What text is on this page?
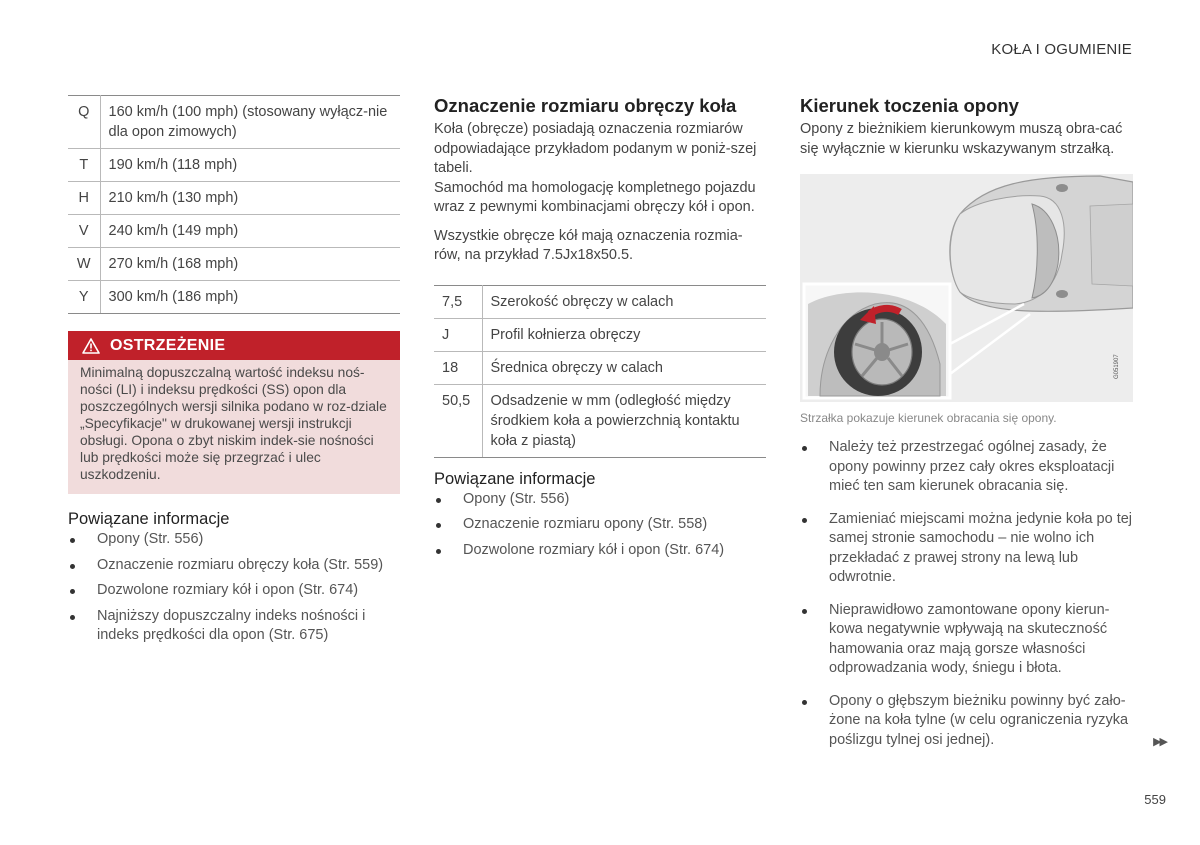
KOŁA I OGUMIENIE
Q	160 km/h (100 mph) (stosowany wyłącz-nie dla opon zimowych)
T	190 km/h (118 mph)
H	210 km/h (130 mph)
V	240 km/h (149 mph)
W	270 km/h (168 mph)
Y	300 km/h (186 mph)
OSTRZEŻENIE
Minimalną dopuszczalną wartość indeksu noś-ności (LI) i indeksu prędkości (SS) opon dla poszczególnych wersji silnika podano w roz-dziale „Specyfikacje" w drukowanej wersji instrukcji obsługi. Opona o zbyt niskim indek-sie nośności lub prędkości może się przegrzać i ulec uszkodzeniu.
Powiązane informacje
Opony (Str. 556)
Oznaczenie rozmiaru obręczy koła (Str. 559)
Dozwolone rozmiary kół i opon (Str. 674)
Najniższy dopuszczalny indeks nośności i indeks prędkości dla opon (Str. 675)
Oznaczenie rozmiaru obręczy koła

Koła (obręcze) posiadają oznaczenia rozmiarów odpowiadające przykładom podanym w poniż-szej tabeli.

Samochód ma homologację kompletnego pojazdu wraz z pewnymi kombinacjami obręczy kół i opon.

Wszystkie obręcze kół mają oznaczenia rozmia-rów, na przykład 7.5Jx18x50.5.

7,5	Szerokość obręczy w calach
J	Profil kołnierza obręczy
18	Średnica obręczy w calach
50,5	Odsadzenie w mm (odległość między środkiem koła a powierzchnią kontaktu koła z piastą)
Powiązane informacje
Opony (Str. 556)
Oznaczenie rozmiaru opony (Str. 558)
Dozwolone rozmiary kół i opon (Str. 674)
Kierunek toczenia opony

Opony z bieżnikiem kierunkowym muszą obra-cać się wyłącznie w kierunku wskazywanym strzałką.

G051907
Strzałka pokazuje kierunek obracania się opony.
Należy też przestrzegać ogólnej zasady, że opony powinny przez cały okres eksploatacji mieć ten sam kierunek obracania się.
Zamieniać miejscami można jedynie koła po tej samej stronie samochodu – nie wolno ich przekładać z prawej strony na lewą lub odwrotnie.
Nieprawidłowo zamontowane opony kierun-kowa negatywnie wpływają na skuteczność hamowania oraz mają gorsze własności odprowadzania wody, śniegu i błota.
Opony o głębszym bieżniku powinny być zało-żone na koła tylne (w celu ograniczenia ryzyka poślizgu tylnej osi jednej).	▶▶
559
